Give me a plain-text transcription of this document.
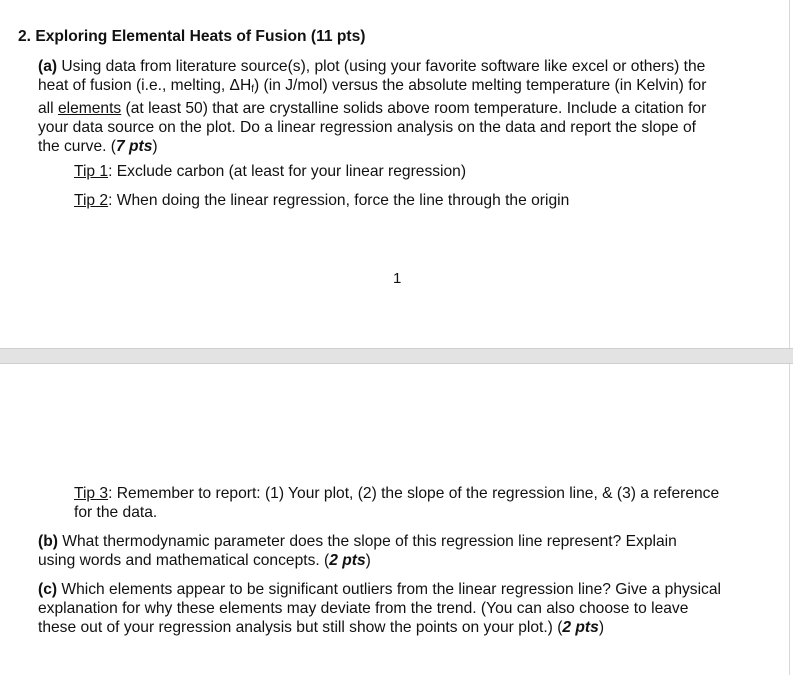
2. Exploring Elemental Heats of Fusion (11 pts)
(a) Using data from literature source(s), plot (using your favorite software like excel or others) the
heat of fusion (i.e., melting, $\Delta H_f$) (in J/mol) versus the absolute melting temperature (in Kelvin) for
all elements (at least 50) that are crystalline solids above room temperature. Include a citation for
your data source on the plot. Do a linear regression analysis on the data and report the slope of
the curve. (7 pts)
Tip 1: Exclude carbon (at least for your linear regression)
Tip 2: When doing the linear regression, force the line through the origin
1
Tip 3: Remember to report: (1) Your plot, (2) the slope of the regression line, & (3) a reference
for the data.
(b) What thermodynamic parameter does the slope of this regression line represent? Explain
using words and mathematical concepts. (2 pts)
(c) Which elements appear to be significant outliers from the linear regression line? Give a physical
explanation for why these elements may deviate from the trend. (You can also choose to leave
these out of your regression analysis but still show the points on your plot.) (2 pts)
